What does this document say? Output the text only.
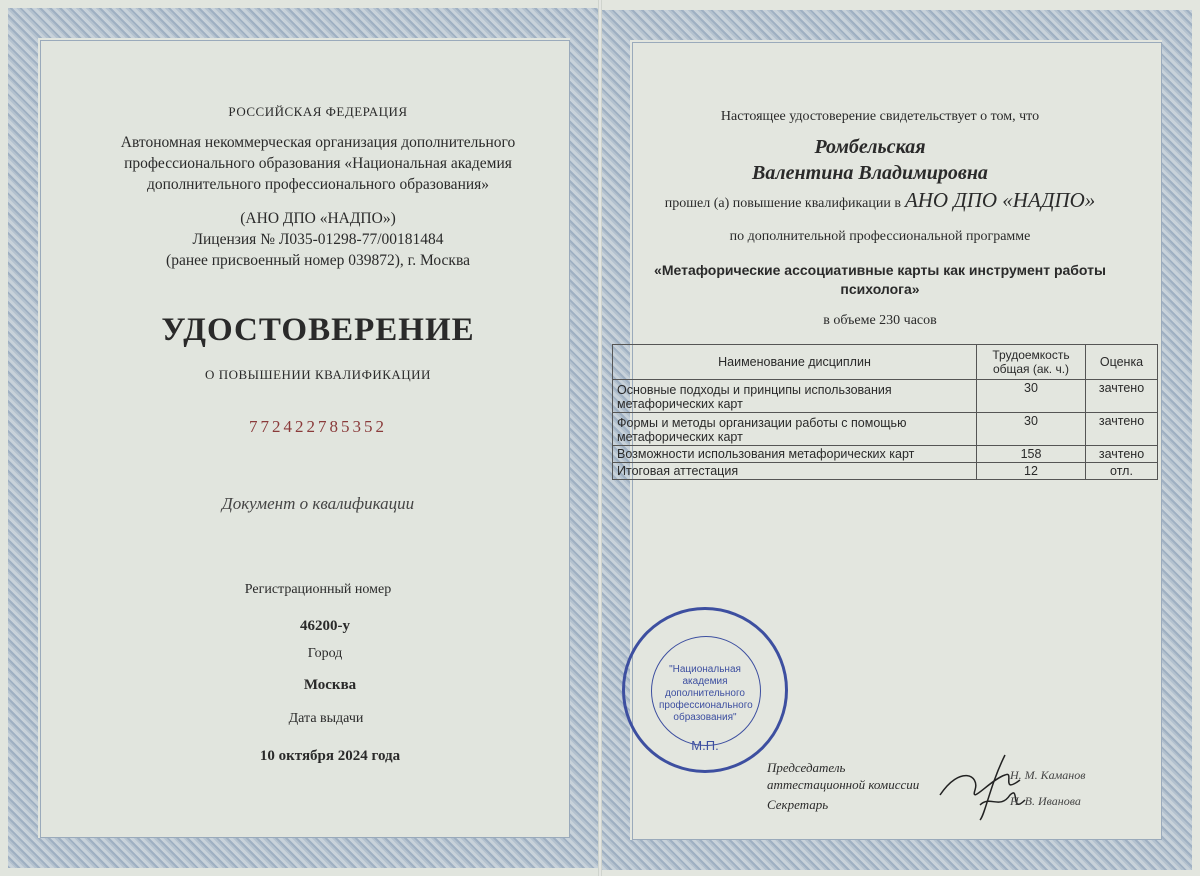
РОССИЙСКАЯ ФЕДЕРАЦИЯ
Автономная некоммерческая организация дополнительного
профессионального образования «Национальная академия
дополнительного профессионального образования»
(АНО ДПО «НАДПО»)
Лицензия № Л035-01298-77/00181484
(ранее присвоенный номер 039872), г. Москва
УДОСТОВЕРЕНИЕ
О ПОВЫШЕНИИ КВАЛИФИКАЦИИ
772422785352
Документ о квалификации
Регистрационный номер
46200-у
Город
Москва
Дата выдачи
10 октября 2024 года
Настоящее удостоверение свидетельствует о том, что
Ромбельская
Валентина Владимировна
прошел (а) повышение квалификации в АНО ДПО «НАДПО»
по дополнительной профессиональной программе
«Метафорические ассоциативные карты как инструмент работы
психолога»
в объеме 230 часов
Наименование дисциплин	Трудоемкость общая (ак. ч.)	Оценка
Основные подходы и принципы использования метафорических карт	30	зачтено
Формы и методы организации работы с помощью метафорических карт	30	зачтено
Возможности использования метафорических карт	158	зачтено
Итоговая аттестация	12	отл.
"Национальная академия дополнительного профессионального образования"
М.П.
Председатель
аттестационной комиссии
Секретарь
Н. М. Каманов
Н. В. Иванова
